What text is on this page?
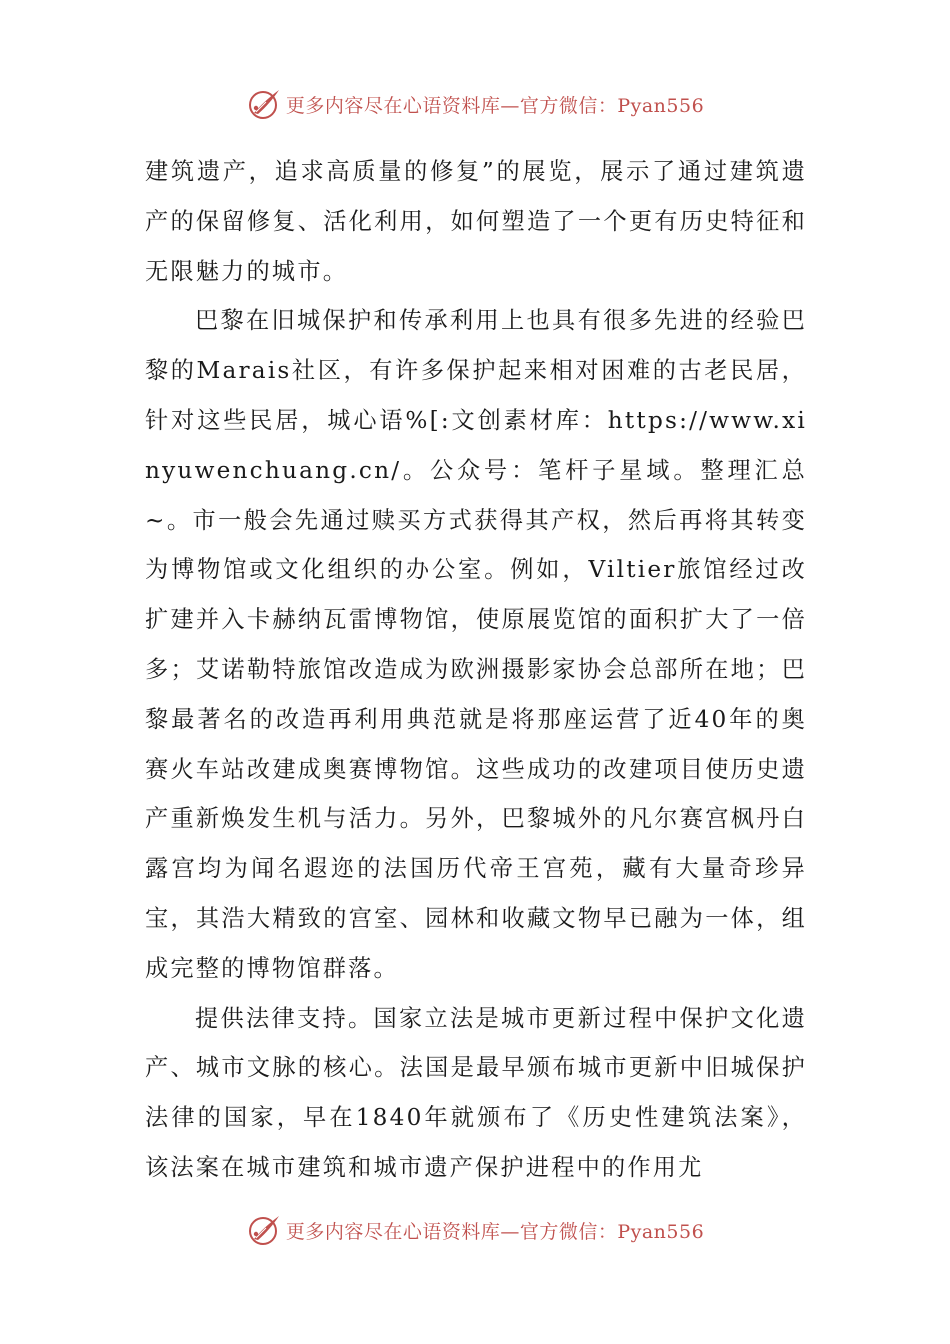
更多内容尽在心语资料库—官方微信：Pyan556

建筑遗产，追求高质量的修复”的展览，展示了通过建筑遗产的保留修复、活化利用，如何塑造了一个更有历史特征和无限魅力的城市。

巴黎在旧城保护和传承利用上也具有很多先进的经验巴黎的Marais社区，有许多保护起来相对困难的古老民居，针对这些民居，城心语%[:文创素材库：https://www.xinyuwenchuang.cn/。公众号：笔杆子星域。整理汇总~。市一般会先通过赎买方式获得其产权，然后再将其转变为博物馆或文化组织的办公室。例如，Viltier旅馆经过改扩建并入卡赫纳瓦雷博物馆，使原展览馆的面积扩大了一倍多；艾诺勒特旅馆改造成为欧洲摄影家协会总部所在地；巴黎最著名的改造再利用典范就是将那座运营了近40年的奥赛火车站改建成奥赛博物馆。这些成功的改建项目使历史遗产重新焕发生机与活力。另外，巴黎城外的凡尔赛宫枫丹白露宫均为闻名遐迩的法国历代帝王宫苑，藏有大量奇珍异宝，其浩大精致的宫室、园林和收藏文物早已融为一体，组成完整的博物馆群落。

提供法律支持。国家立法是城市更新过程中保护文化遗产、城市文脉的核心。法国是最早颁布城市更新中旧城保护法律的国家，早在1840年就颁布了《历史性建筑法案》，该法案在城市建筑和城市遗产保护进程中的作用尤

更多内容尽在心语资料库—官方微信：Pyan556
